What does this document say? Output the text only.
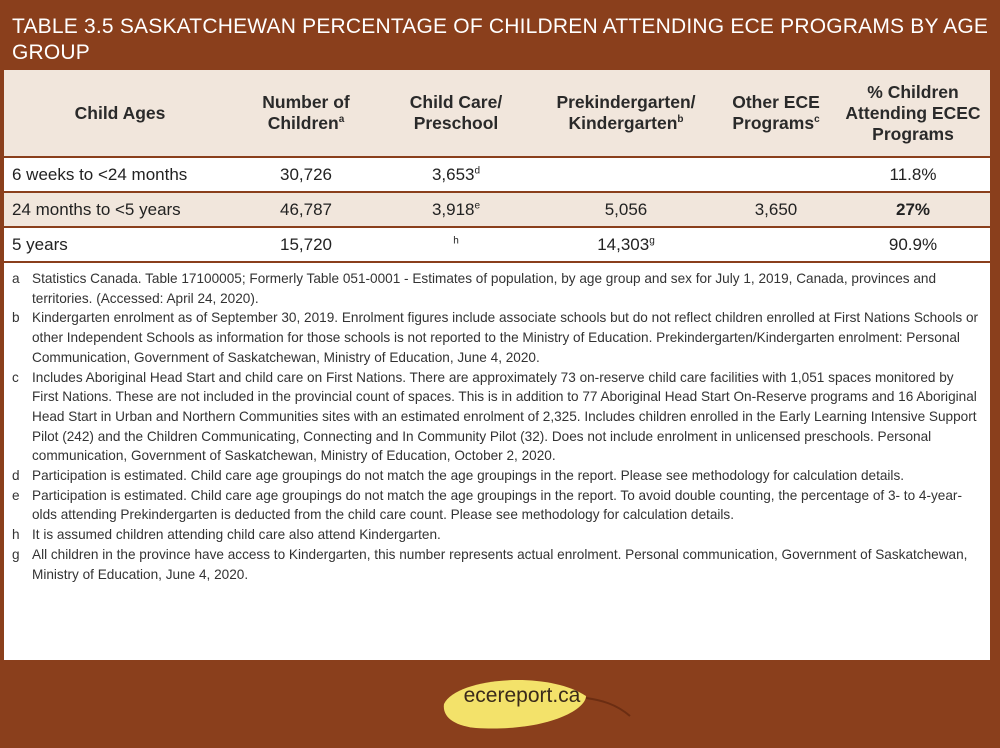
TABLE 3.5 SASKATCHEWAN PERCENTAGE OF CHILDREN ATTENDING ECE PROGRAMS BY AGE GROUP
Child Ages	Number of Children$^a$	Child Care/ Preschool	Prekindergarten/ Kindergarten$^b$	Other ECE Programs$^c$	% Children Attending ECEC Programs
6 weeks to <24 months	30,726	3,653$^d$			11.8%
24 months to <5 years	46,787	3,918e	5,056	3,650	27%
5 years	15,720	$^h$	14,303$^g$		90.9%
a Statistics Canada. Table 17100005; Formerly Table 051-0001 - Estimates of population, by age group and sex for July 1, 2019, Canada, provinces and territories. (Accessed: April 24, 2020).
b Kindergarten enrolment as of September 30, 2019. Enrolment figures include associate schools but do not reflect children enrolled at First Nations Schools or other Independent Schools as information for those schools is not reported to the Ministry of Education. Prekindergarten/Kindergarten enrolment: Personal Communication, Government of Saskatchewan, Ministry of Education, June 4, 2020.
c Includes Aboriginal Head Start and child care on First Nations. There are approximately 73 on-reserve child care facilities with 1,051 spaces monitored by First Nations. These are not included in the provincial count of spaces. This is in addition to 77 Aboriginal Head Start On-Reserve programs and 16 Aboriginal Head Start in Urban and Northern Communities sites with an estimated enrolment of 2,325. Includes children enrolled in the Early Learning Intensive Support Pilot (242) and the Children Communicating, Connecting and In Community Pilot (32). Does not include enrolment in unlicensed preschools. Personal communication, Government of Saskatchewan, Ministry of Education, October 2, 2020.
d Participation is estimated. Child care age groupings do not match the age groupings in the report. Please see methodology for calculation details.
e Participation is estimated. Child care age groupings do not match the age groupings in the report. To avoid double counting, the percentage of 3- to 4-year-olds attending Prekindergarten is deducted from the child care count. Please see methodology for calculation details.
h It is assumed children attending child care also attend Kindergarten.
g All children in the province have access to Kindergarten, this number represents actual enrolment. Personal communication, Government of Saskatchewan, Ministry of Education, June 4, 2020.
ecereport.ca
